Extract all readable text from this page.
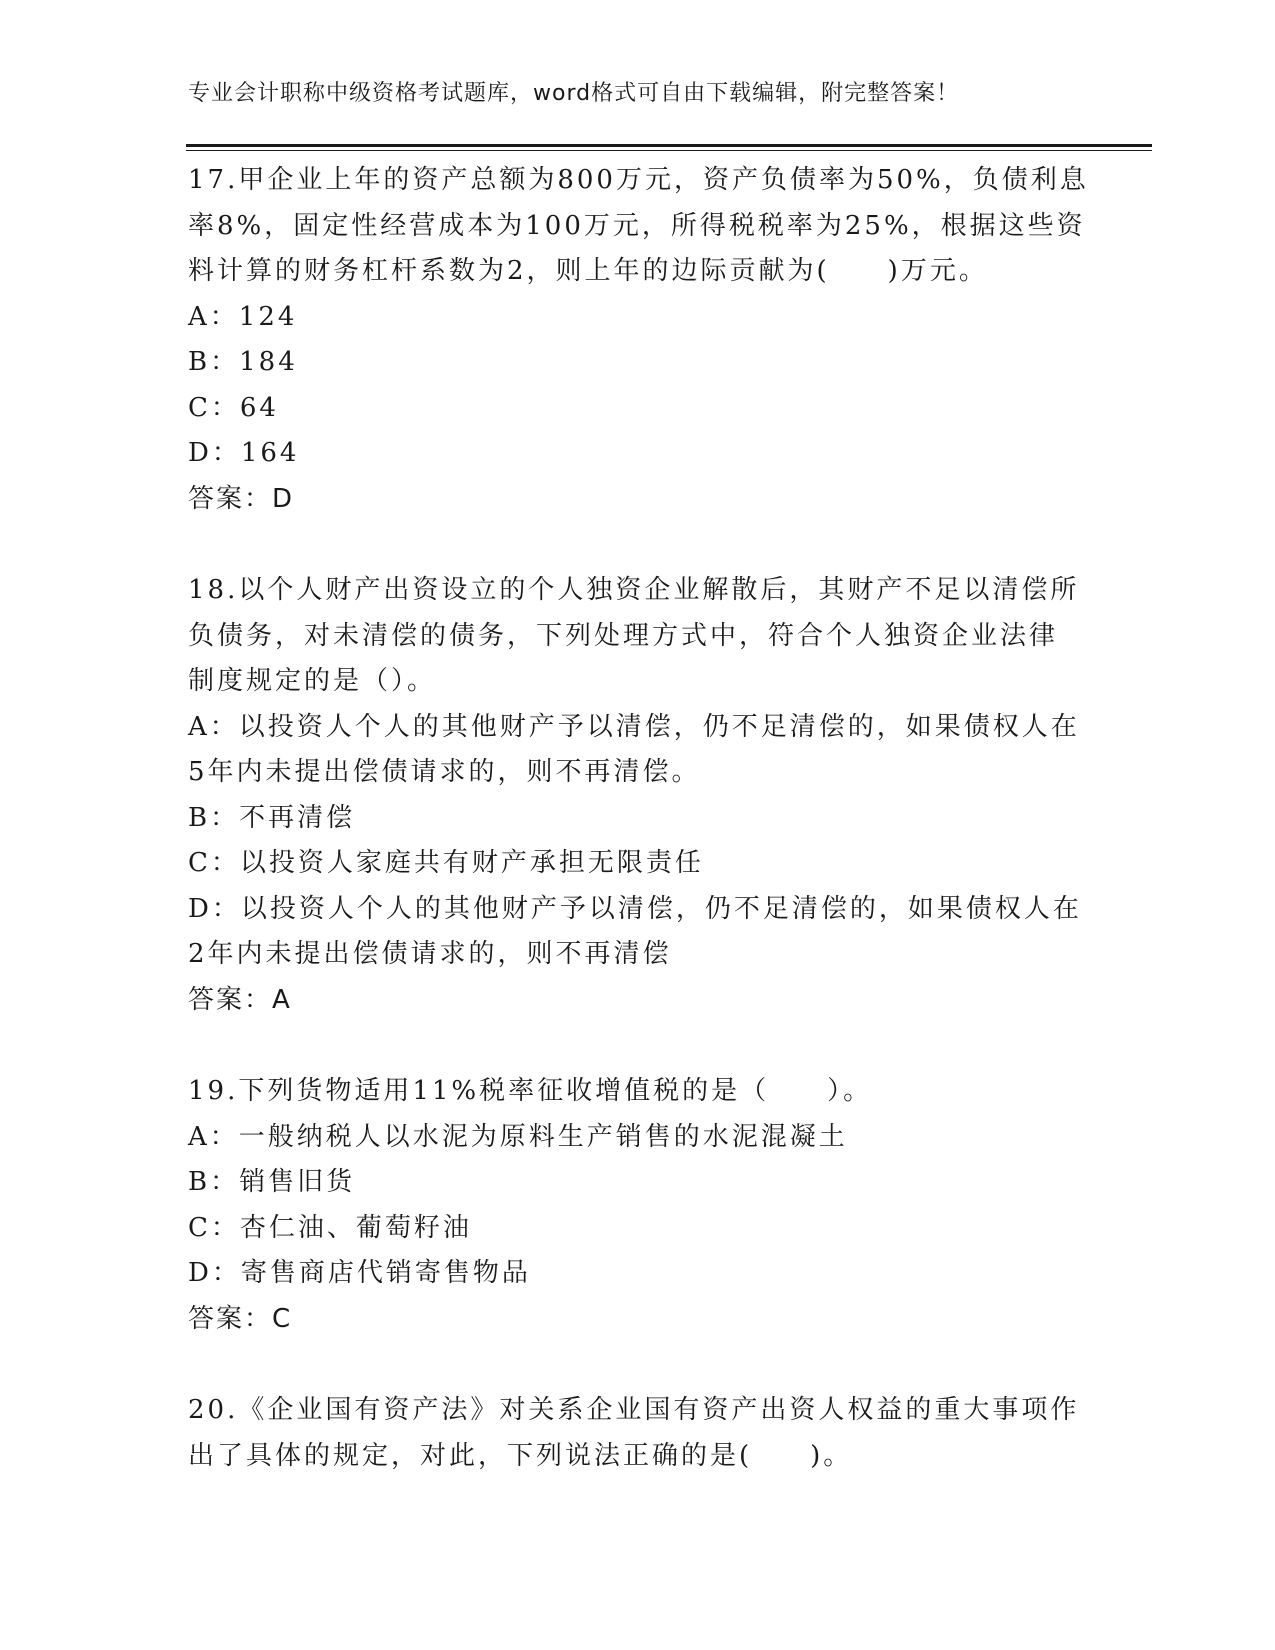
专业会计职称中级资格考试题库，word格式可自由下载编辑，附完整答案！
17.甲企业上年的资产总额为800万元，资产负债率为50%，负债利息
率8%，固定性经营成本为100万元，所得税税率为25%，根据这些资
料计算的财务杠杆系数为2，则上年的边际贡献为(　　)万元。
A：124
B：184
C：64
D：164
答案：D
18.以个人财产出资设立的个人独资企业解散后，其财产不足以清偿所
负债务，对未清偿的债务，下列处理方式中，符合个人独资企业法律
制度规定的是（）。
A：以投资人个人的其他财产予以清偿，仍不足清偿的，如果债权人在
5年内未提出偿债请求的，则不再清偿。
B：不再清偿
C：以投资人家庭共有财产承担无限责任
D：以投资人个人的其他财产予以清偿，仍不足清偿的，如果债权人在
2年内未提出偿债请求的，则不再清偿
答案：A
19.下列货物适用11%税率征收增值税的是（　　）。
A：一般纳税人以水泥为原料生产销售的水泥混凝土
B：销售旧货
C：杏仁油、葡萄籽油
D：寄售商店代销寄售物品
答案：C
20.《企业国有资产法》对关系企业国有资产出资人权益的重大事项作
出了具体的规定，对此，下列说法正确的是(　　)。
